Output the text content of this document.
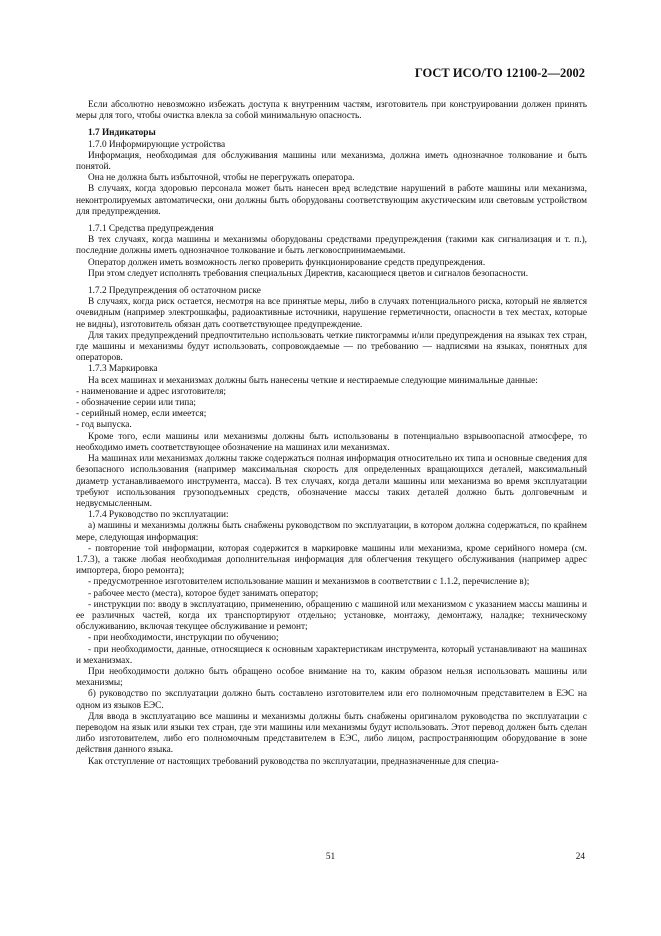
ГОСТ ИСО/ТО 12100-2—2002

Если абсолютно невозможно избежать доступа к внутренним частям, изготовитель при конструировании должен принять меры для того, чтобы очистка влекла за собой минимальную опасность.

1.7 Индикаторы

1.7.0 Информирующие устройства

Информация, необходимая для обслуживания машины или механизма, должна иметь однозначное толкование и быть понятой.

Она не должна быть избыточной, чтобы не перегружать оператора.

В случаях, когда здоровью персонала может быть нанесен вред вследствие нарушений в работе машины или механизма, неконтролируемых автоматически, они должны быть оборудованы соответствующим акустическим или световым устройством для предупреждения.

1.7.1 Средства предупреждения

В тех случаях, когда машины и механизмы оборудованы средствами предупреждения (такими как сигнализация и т. п.), последние должны иметь однозначное толкование и быть легковоспринимаемыми.

Оператор должен иметь возможность легко проверить функционирование средств предупреждения.

При этом следует исполнять требования специальных Директив, касающиеся цветов и сигналов безопасности.

1.7.2 Предупреждения об остаточном риске

В случаях, когда риск остается, несмотря на все принятые меры, либо в случаях потенциального риска, который не является очевидным (например электрошкафы, радиоактивные источники, нарушение герметичности, опасности в тех местах, которые не видны), изготовитель обязан дать соответствующее предупреждение.

Для таких предупреждений предпочтительно использовать четкие пиктограммы и/или предупреждения на языках тех стран, где машины и механизмы будут использовать, сопровождаемые — по требованию — надписями на языках, понятных для операторов.

1.7.3 Маркировка

На всех машинах и механизмах должны быть нанесены четкие и нестираемые следующие минимальные данные:

- наименование и адрес изготовителя;

- обозначение серии или типа;

- серийный номер, если имеется;

- год выпуска.

Кроме того, если машины или механизмы должны быть использованы в потенциально взрывоопасной атмосфере, то необходимо иметь соответствующее обозначение на машинах или механизмах.

На машинах или механизмах должны также содержаться полная информация относительно их типа и основные сведения для безопасного использования (например максимальная скорость для определенных вращающихся деталей, максимальный диаметр устанавливаемого инструмента, масса). В тех случаях, когда детали машины или механизма во время эксплуатации требуют использования грузоподъемных средств, обозначение массы таких деталей должно быть долговечным и недвусмысленным.

1.7.4 Руководство по эксплуатации:

а) машины и механизмы должны быть снабжены руководством по эксплуатации, в котором должна содержаться, по крайнем мере, следующая информация:

- повторение той информации, которая содержится в маркировке машины или механизма, кроме серийного номера (см. 1.7.3), а также любая необходимая дополнительная информация для облегчения текущего обслуживания (например адрес импортера, бюро ремонта);

- предусмотренное изготовителем использование машин и механизмов в соответствии с 1.1.2, перечисление в);

- рабочее место (места), которое будет занимать оператор;

- инструкции по: вводу в эксплуатацию, применению, обращению с машиной или механизмом с указанием массы машины и ее различных частей, когда их транспортируют отдельно; установке, монтажу, демонтажу, наладке; техническому обслуживанию, включая текущее обслуживание и ремонт;

- при необходимости, инструкции по обучению;

- при необходимости, данные, относящиеся к основным характеристикам инструмента, который устанавливают на машинах и механизмах.

При необходимости должно быть обращено особое внимание на то, каким образом нельзя использовать машины или механизмы;

б) руководство по эксплуатации должно быть составлено изготовителем или его полномочным представителем в ЕЭС на одном из языков ЕЭС.

Для ввода в эксплуатацию все машины и механизмы должны быть снабжены оригиналом руководства по эксплуатации с переводом на язык или языки тех стран, где эти машины или механизмы будут использовать. Этот перевод должен быть сделан либо изготовителем, либо его полномочным представителем в ЕЭС, либо лицом, распространяющим оборудование в зоне действия данного языка.

Как отступление от настоящих требований руководства по эксплуатации, предназначенные для специа-

51	24
